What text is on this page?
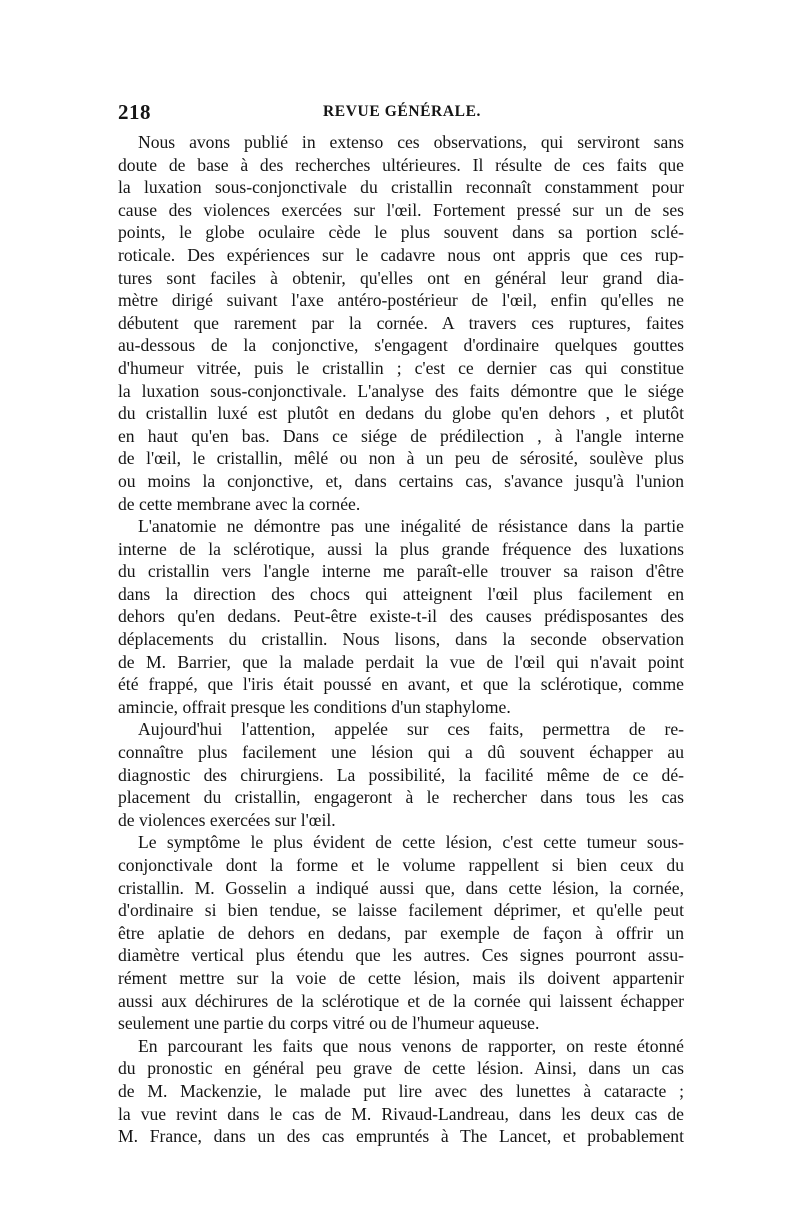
218	REVUE GÉNÉRALE.
Nous avons publié in extenso ces observations, qui serviront sans
doute de base à des recherches ultérieures. Il résulte de ces faits que
la luxation sous-conjonctivale du cristallin reconnaît constamment pour
cause des violences exercées sur l'œil. Fortement pressé sur un de ses
points, le globe oculaire cède le plus souvent dans sa portion sclé-
roticale. Des expériences sur le cadavre nous ont appris que ces rup-
tures sont faciles à obtenir, qu'elles ont en général leur grand dia-
mètre dirigé suivant l'axe antéro-postérieur de l'œil, enfin qu'elles ne
débutent que rarement par la cornée. A travers ces ruptures, faites
au-dessous de la conjonctive, s'engagent d'ordinaire quelques gouttes
d'humeur vitrée, puis le cristallin ; c'est ce dernier cas qui constitue
la luxation sous-conjonctivale. L'analyse des faits démontre que le siége
du cristallin luxé est plutôt en dedans du globe qu'en dehors , et plutôt
en haut qu'en bas. Dans ce siége de prédilection , à l'angle interne
de l'œil, le cristallin, mêlé ou non à un peu de sérosité, soulève plus
ou moins la conjonctive, et, dans certains cas, s'avance jusqu'à l'union
de cette membrane avec la cornée.
L'anatomie ne démontre pas une inégalité de résistance dans la partie
interne de la sclérotique, aussi la plus grande fréquence des luxations
du cristallin vers l'angle interne me paraît-elle trouver sa raison d'être
dans la direction des chocs qui atteignent l'œil plus facilement en
dehors qu'en dedans. Peut-être existe-t-il des causes prédisposantes des
déplacements du cristallin. Nous lisons, dans la seconde observation
de M. Barrier, que la malade perdait la vue de l'œil qui n'avait point
été frappé, que l'iris était poussé en avant, et que la sclérotique, comme
amincie, offrait presque les conditions d'un staphylome.
Aujourd'hui l'attention, appelée sur ces faits, permettra de re-
connaître plus facilement une lésion qui a dû souvent échapper au
diagnostic des chirurgiens. La possibilité, la facilité même de ce dé-
placement du cristallin, engageront à le rechercher dans tous les cas
de violences exercées sur l'œil.
Le symptôme le plus évident de cette lésion, c'est cette tumeur sous-
conjonctivale dont la forme et le volume rappellent si bien ceux du
cristallin. M. Gosselin a indiqué aussi que, dans cette lésion, la cornée,
d'ordinaire si bien tendue, se laisse facilement déprimer, et qu'elle peut
être aplatie de dehors en dedans, par exemple de façon à offrir un
diamètre vertical plus étendu que les autres. Ces signes pourront assu-
rément mettre sur la voie de cette lésion, mais ils doivent appartenir
aussi aux déchirures de la sclérotique et de la cornée qui laissent échapper
seulement une partie du corps vitré ou de l'humeur aqueuse.
En parcourant les faits que nous venons de rapporter, on reste étonné
du pronostic en général peu grave de cette lésion. Ainsi, dans un cas
de M. Mackenzie, le malade put lire avec des lunettes à cataracte ;
la vue revint dans le cas de M. Rivaud-Landreau, dans les deux cas de
M. France, dans un des cas empruntés à The Lancet, et probablement
